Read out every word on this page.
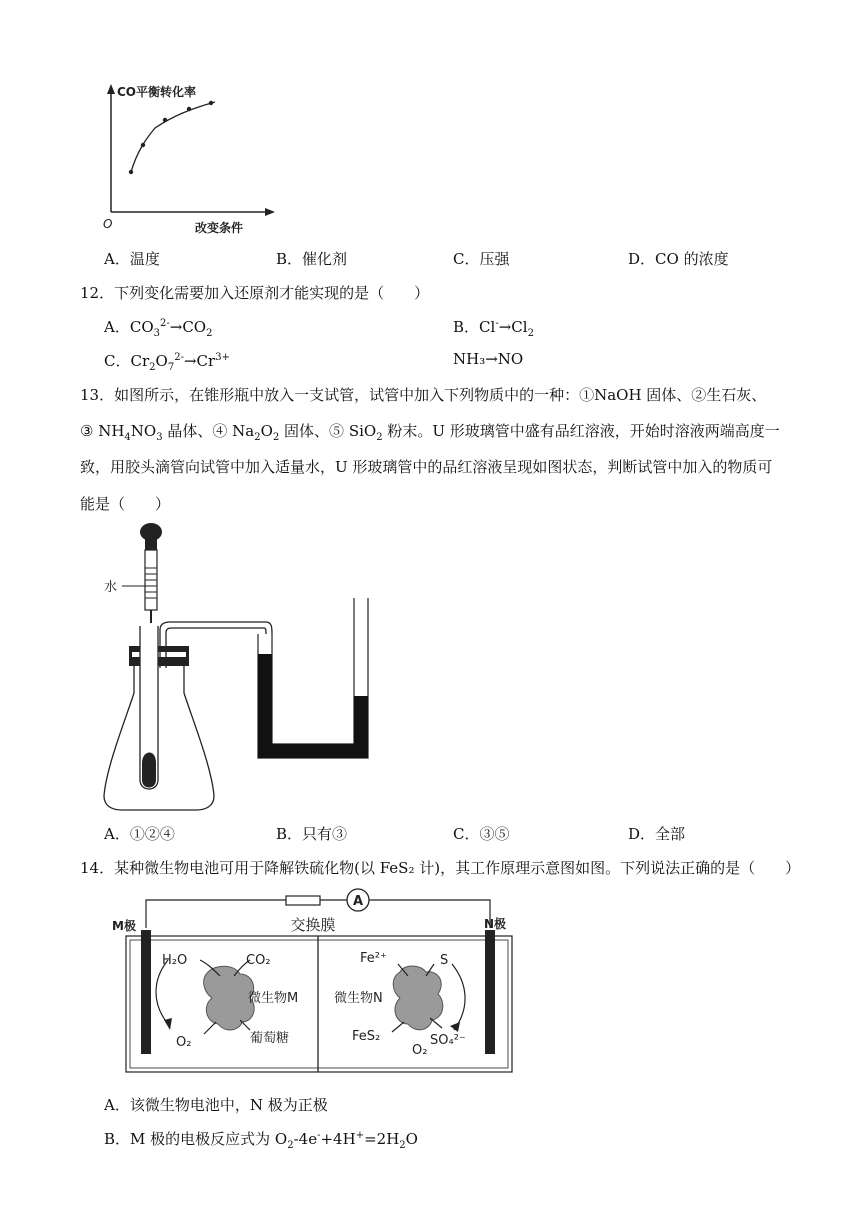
CO平衡转化率
改变条件
O
A．温度	B．催化剂	C．压强	D．CO 的浓度
12．下列变化需要加入还原剂才能实现的是（　　）
A．$CO_3^{2-}\to CO_2$	B．$Cl^-\to Cl_2$
C．$Cr_2O_7^{2-}\to Cr^{3+}$	NH₃→NO
13．如图所示，在锥形瓶中放入一支试管，试管中加入下列物质中的一种：①NaOH 固体、②生石灰、
③ $NH_4NO_3$ 晶体、④ $Na_2O_2$ 固体、⑤ SiO$_2$ 粉末。U 形玻璃管中盛有品红溶液，开始时溶液两端高度一
致，用胶头滴管向试管中加入适量水，U 形玻璃管中的品红溶液呈现如图状态，判断试管中加入的物质可
能是（　　）
水
A．①②④	B．只有③	C．③⑤	D．全部
14．某种微生物电池可用于降解铁硫化物(以 FeS₂ 计)，其工作原理示意图如图。下列说法正确的是（　　）
A
交换膜
M极	N极
H₂O	CO₂
微生物M
O₂	葡萄糖
Fe²⁺	S
微生物N
FeS₂
O₂
SO₄²⁻
A．该微生物电池中，N 极为正极
B．M 极的电极反应式为 $O_2-4e^-+4H^+=2H_2O$
